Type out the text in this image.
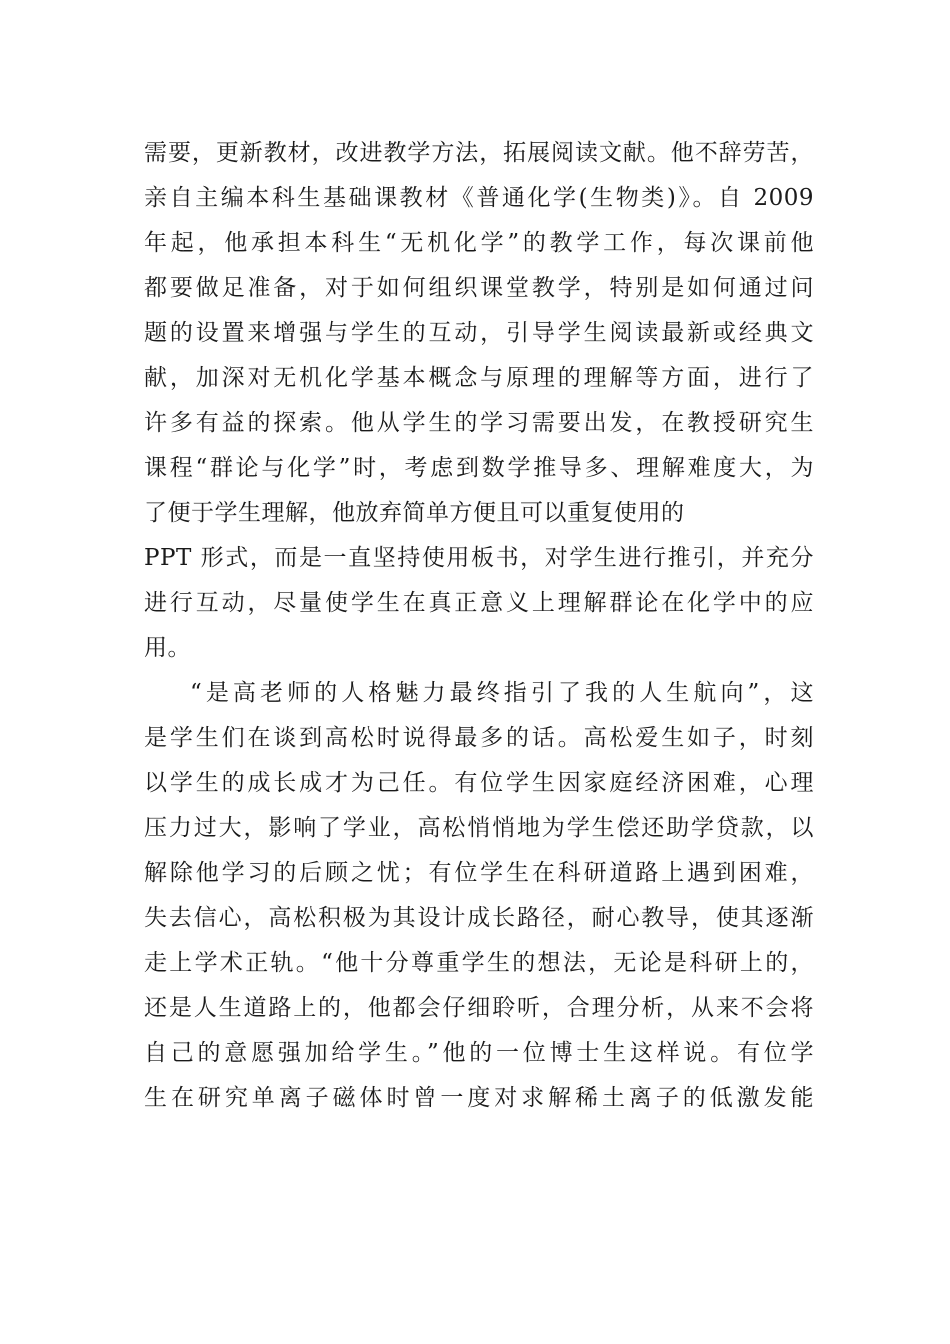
需要，更新教材，改进教学方法，拓展阅读文献。他不辞劳苦，
亲自主编本科生基础课教材《普通化学(生物类)》。自 2009
年起，他承担本科生“无机化学”的教学工作，每次课前他
都要做足准备，对于如何组织课堂教学，特别是如何通过问
题的设置来增强与学生的互动，引导学生阅读最新或经典文
献，加深对无机化学基本概念与原理的理解等方面，进行了
许多有益的探索。他从学生的学习需要出发，在教授研究生
课程“群论与化学”时，考虑到数学推导多、理解难度大，为
了便于学生理解，他放弃简单方便且可以重复使用的
PPT 形式，而是一直坚持使用板书，对学生进行推引，并充分
进行互动，尽量使学生在真正意义上理解群论在化学中的应
用。
“是高老师的人格魅力最终指引了我的人生航向”，这
是学生们在谈到高松时说得最多的话。高松爱生如子，时刻
以学生的成长成才为己任。有位学生因家庭经济困难，心理
压力过大，影响了学业，高松悄悄地为学生偿还助学贷款，以
解除他学习的后顾之忧；有位学生在科研道路上遇到困难，
失去信心，高松积极为其设计成长路径，耐心教导，使其逐渐
走上学术正轨。“他十分尊重学生的想法，无论是科研上的，
还是人生道路上的，他都会仔细聆听，合理分析，从来不会将
自己的意愿强加给学生。”他的一位博士生这样说。有位学
生在研究单离子磁体时曾一度对求解稀土离子的低激发能
